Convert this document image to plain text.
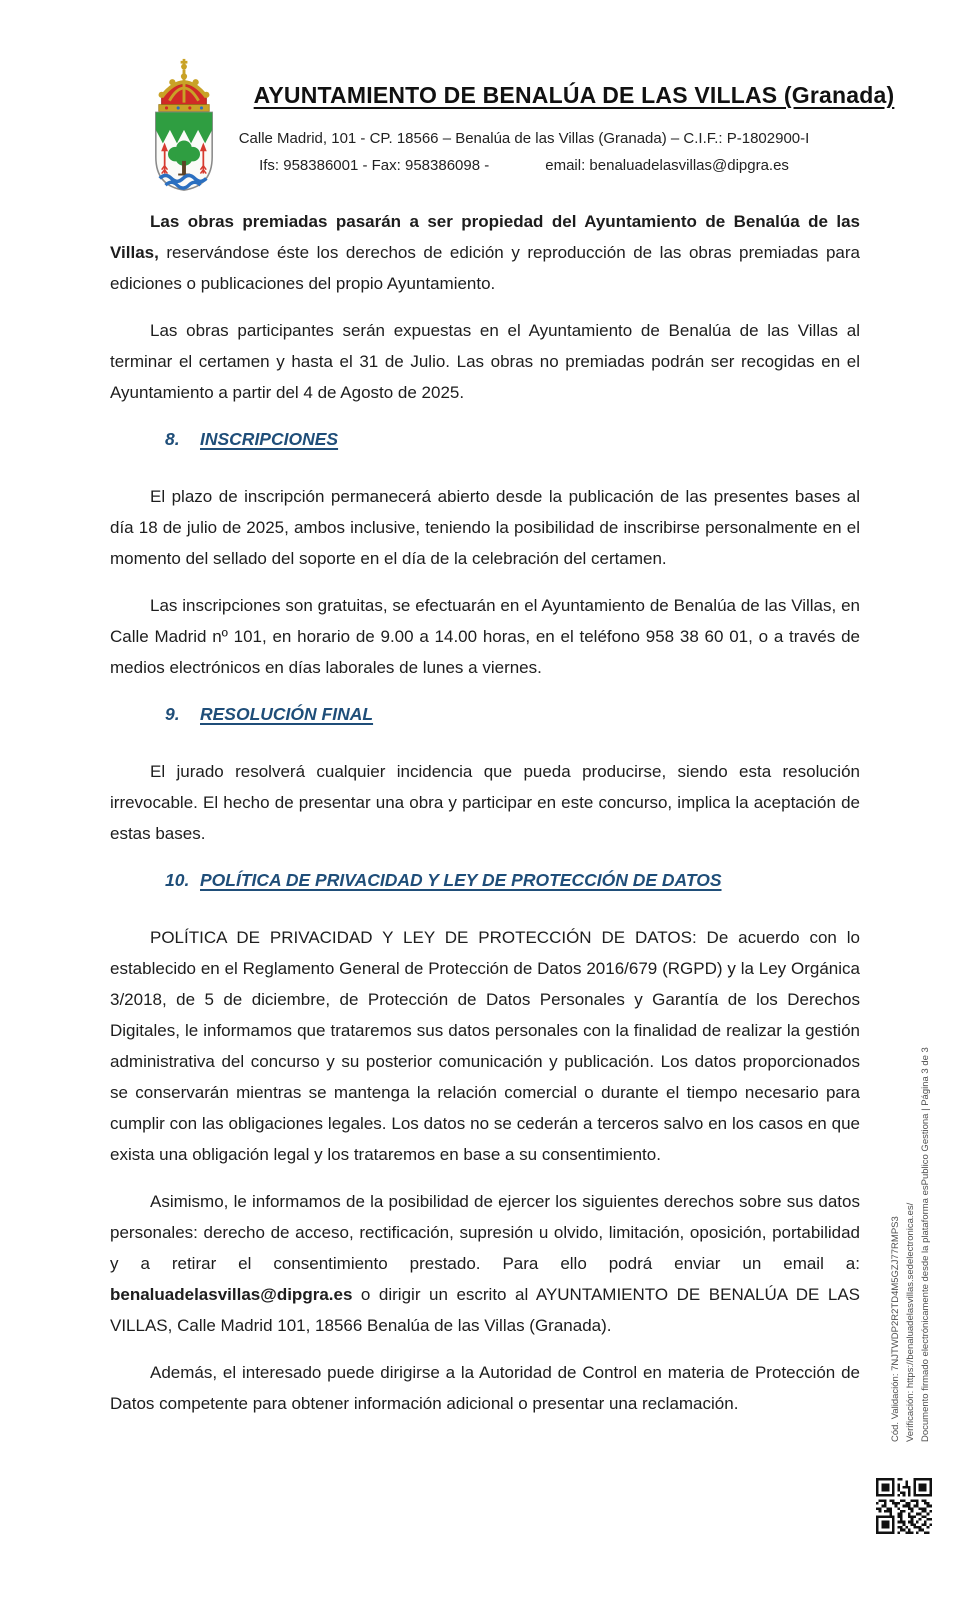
AYUNTAMIENTO DE BENALÚA DE LAS VILLAS (Granada)
Calle Madrid, 101 - CP. 18566 – Benalúa de las Villas (Granada) – C.I.F.: P-1802900-I
Ifs: 958386001 - Fax: 958386098 -	email: benaluadelasvillas@dipgra.es

Las obras premiadas pasarán a ser propiedad del Ayuntamiento de Benalúa de las Villas, reservándose éste los derechos de edición y reproducción de las obras premiadas para ediciones o publicaciones del propio Ayuntamiento.

Las obras participantes serán expuestas en el Ayuntamiento de Benalúa de las Villas al terminar el certamen y hasta el 31 de Julio. Las obras no premiadas podrán ser recogidas en el Ayuntamiento a partir del 4 de Agosto de 2025.

8. INSCRIPCIONES

El plazo de inscripción permanecerá abierto desde la publicación de las presentes bases al día 18 de julio de 2025, ambos inclusive, teniendo la posibilidad de inscribirse personalmente en el momento del sellado del soporte en el día de la celebración del certamen.

Las inscripciones son gratuitas, se efectuarán en el Ayuntamiento de Benalúa de las Villas, en Calle Madrid nº 101, en horario de 9.00 a 14.00 horas, en el teléfono 958 38 60 01, o a través de medios electrónicos en días laborales de lunes a viernes.

9. RESOLUCIÓN FINAL

El jurado resolverá cualquier incidencia que pueda producirse, siendo esta resolución irrevocable. El hecho de presentar una obra y participar en este concurso, implica la aceptación de estas bases.

10. POLÍTICA DE PRIVACIDAD Y LEY DE PROTECCIÓN DE DATOS

POLÍTICA DE PRIVACIDAD Y LEY DE PROTECCIÓN DE DATOS: De acuerdo con lo establecido en el Reglamento General de Protección de Datos 2016/679 (RGPD) y la Ley Orgánica 3/2018, de 5 de diciembre, de Protección de Datos Personales y Garantía de los Derechos Digitales, le informamos que trataremos sus datos personales con la finalidad de realizar la gestión administrativa del concurso y su posterior comunicación y publicación. Los datos proporcionados se conservarán mientras se mantenga la relación comercial o durante el tiempo necesario para cumplir con las obligaciones legales. Los datos no se cederán a terceros salvo en los casos en que exista una obligación legal y los trataremos en base a su consentimiento.

Asimismo, le informamos de la posibilidad de ejercer los siguientes derechos sobre sus datos personales: derecho de acceso, rectificación, supresión u olvido, limitación, oposición, portabilidad y a retirar el consentimiento prestado. Para ello podrá enviar un email a: benaluadelasvillas@dipgra.es o dirigir un escrito al AYUNTAMIENTO DE BENALÚA DE LAS VILLAS, Calle Madrid 101, 18566 Benalúa de las Villas (Granada).

Además, el interesado puede dirigirse a la Autoridad de Control en materia de Protección de Datos competente para obtener información adicional o presentar una reclamación.	Cód. Validación: 7NJTWDP2R2TD4M5GZJ77RMPS3 Verificación: https://benaluadelasvillas.sedelectronica.es/ Documento firmado electrónicamente desde la plataforma esPublico Gestiona | Página 3 de 3
